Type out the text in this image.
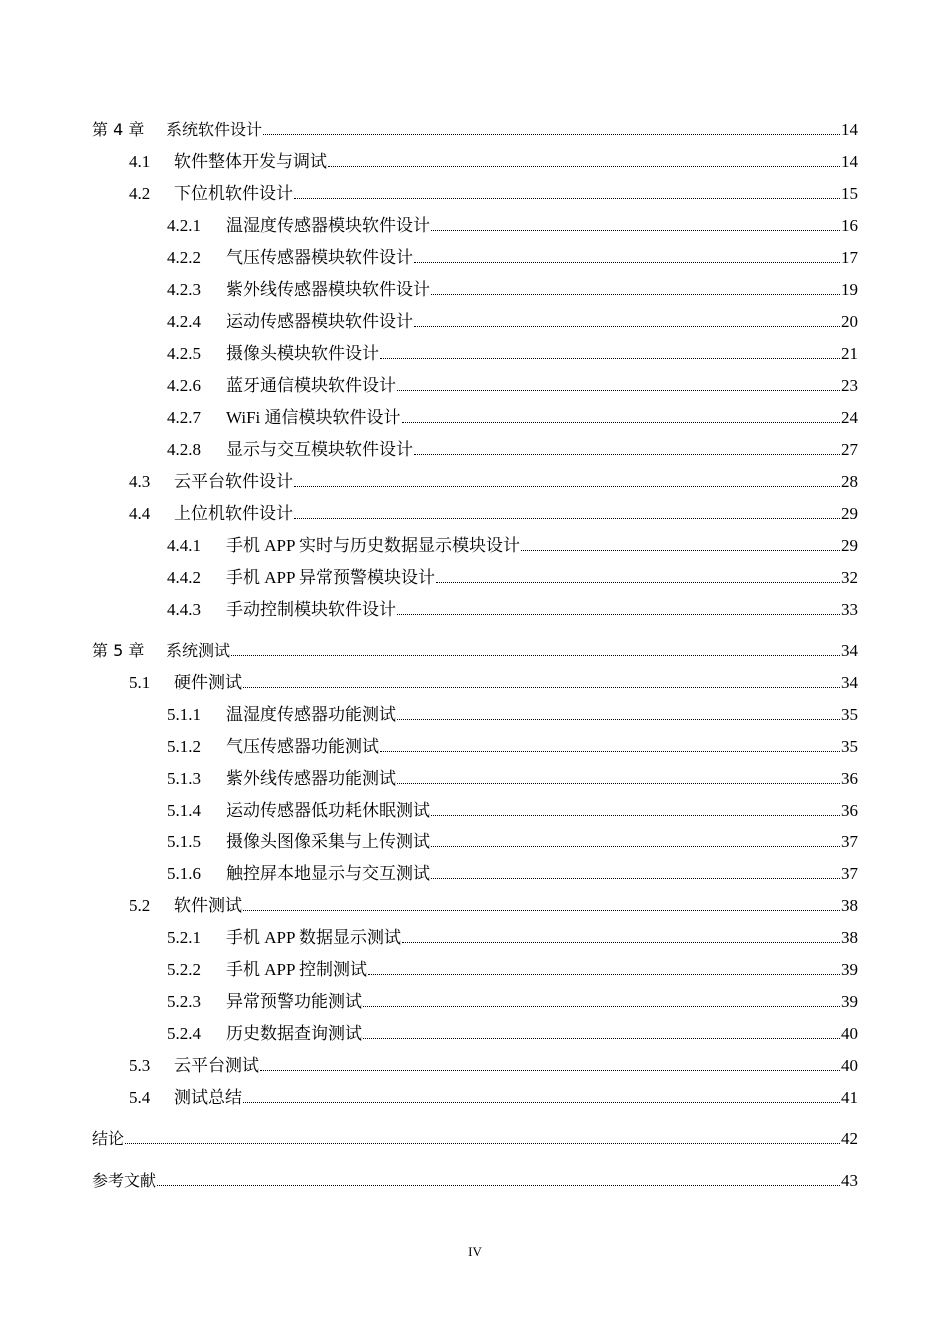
第 4 章 系统软件设计	14
4.1 软件整体开发与调试	14
4.2 下位机软件设计	15
4.2.1 温湿度传感器模块软件设计	16
4.2.2 气压传感器模块软件设计	17
4.2.3 紫外线传感器模块软件设计	19
4.2.4 运动传感器模块软件设计	20
4.2.5 摄像头模块软件设计	21
4.2.6 蓝牙通信模块软件设计	23
4.2.7 WiFi 通信模块软件设计	24
4.2.8 显示与交互模块软件设计	27
4.3 云平台软件设计	28
4.4 上位机软件设计	29
4.4.1 手机 APP 实时与历史数据显示模块设计	29
4.4.2 手机 APP 异常预警模块设计	32
4.4.3 手动控制模块软件设计	33
第 5 章 系统测试	34
5.1 硬件测试	34
5.1.1 温湿度传感器功能测试	35
5.1.2 气压传感器功能测试	35
5.1.3 紫外线传感器功能测试	36
5.1.4 运动传感器低功耗休眠测试	36
5.1.5 摄像头图像采集与上传测试	37
5.1.6 触控屏本地显示与交互测试	37
5.2 软件测试	38
5.2.1 手机 APP 数据显示测试	38
5.2.2 手机 APP 控制测试	39
5.2.3 异常预警功能测试	39
5.2.4 历史数据查询测试	40
5.3 云平台测试	40
5.4 测试总结	41
结论	42
参考文献	43
IV
